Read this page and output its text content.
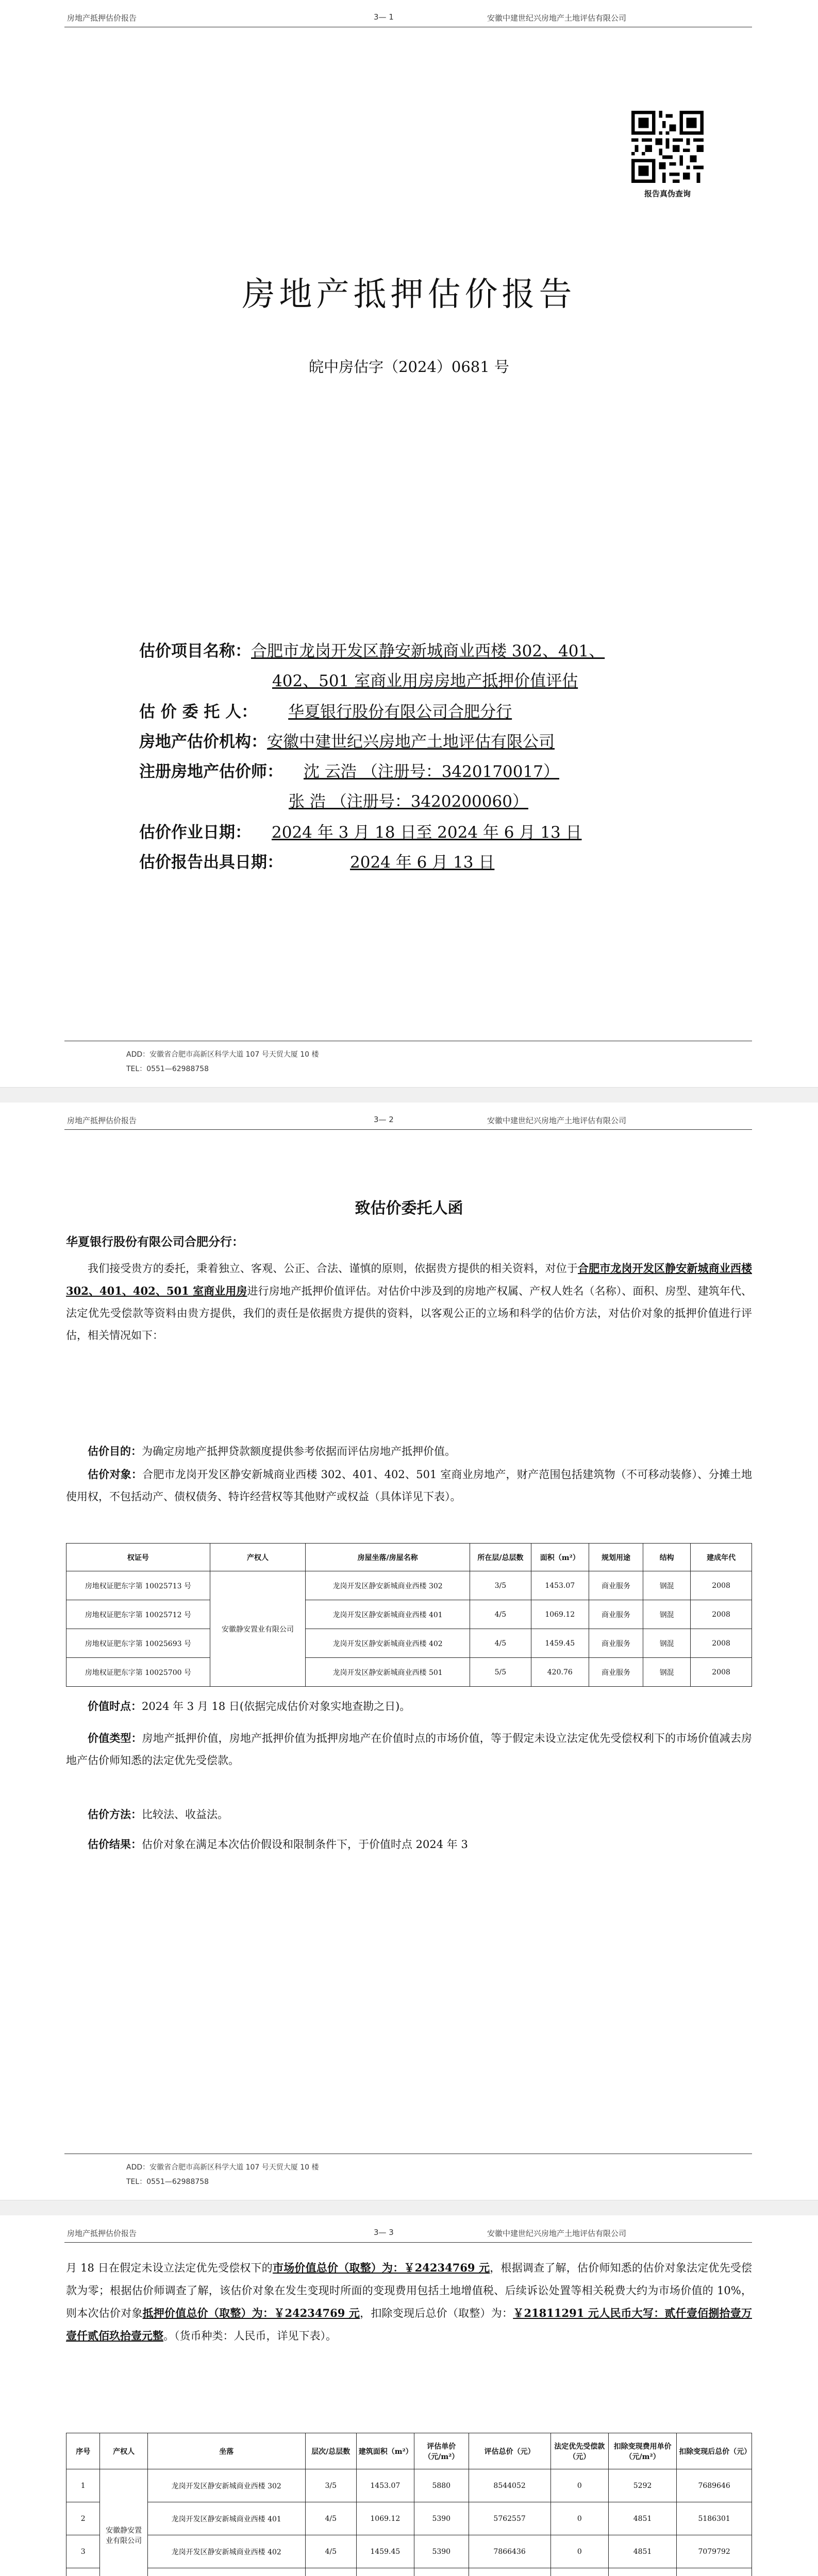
房地产抵押估价报告	3— 1	安徽中建世纪兴房地产土地评估有限公司
报告真伪查询
房地产抵押估价报告
皖中房估字（2024）0681 号
估价项目名称：合肥市龙岗开发区静安新城商业西楼 302、401、
402、501 室商业用房房地产抵押价值评估
估 价 委 托 人： 华夏银行股份有限公司合肥分行
房地产估价机构：安徽中建世纪兴房地产土地评估有限公司
注册房地产估价师： 沈 云浩 （注册号：3420170017）
张 浩 （注册号：3420200060）
估价作业日期： 2024 年 3 月 18 日至 2024 年 6 月 13 日
估价报告出具日期：	2024 年 6 月 13 日
ADD：安徽省合肥市高新区科学大道 107 号天贸大厦 10 楼
TEL：0551—62988758
房地产抵押估价报告	3— 2	安徽中建世纪兴房地产土地评估有限公司
致估价委托人函
华夏银行股份有限公司合肥分行：
我们接受贵方的委托，秉着独立、客观、公正、合法、谨慎的原则，依据贵方提供的相关资料，对位于合肥市龙岗开发区静安新城商业西楼 302、401、402、501 室商业用房进行房地产抵押价值评估。对估价中涉及到的房地产权属、产权人姓名（名称）、面积、房型、建筑年代、法定优先受偿款等资料由贵方提供，我们的责任是依据贵方提供的资料，以客观公正的立场和科学的估价方法，对估价对象的抵押价值进行评估，相关情况如下：
估价目的：为确定房地产抵押贷款额度提供参考依据而评估房地产抵押价值。
估价对象：合肥市龙岗开发区静安新城商业西楼 302、401、402、501 室商业房地产，财产范围包括建筑物（不可移动装修）、分摊土地使用权，不包括动产、债权债务、特许经营权等其他财产或权益（具体详见下表）。
权证号	产权人	房屋坐落/房屋名称	所在层/总层数	面积（m²）	规划用途	结构	建成年代
房地权证肥东字第 10025713 号	安徽静安置业有限公司	龙岗开发区静安新城商业西楼 302	3/5	1453.07	商业服务	钢混	2008
房地权证肥东字第 10025712 号		龙岗开发区静安新城商业西楼 401	4/5	1069.12	商业服务	钢混	2008
房地权证肥东字第 10025693 号		龙岗开发区静安新城商业西楼 402	4/5	1459.45	商业服务	钢混	2008
房地权证肥东字第 10025700 号		龙岗开发区静安新城商业西楼 501	5/5	420.76	商业服务	钢混	2008
价值时点：2024 年 3 月 18 日(依据完成估价对象实地查勘之日)。
价值类型：房地产抵押价值，房地产抵押价值为抵押房地产在价值时点的市场价值，等于假定未设立法定优先受偿权利下的市场价值减去房地产估价师知悉的法定优先受偿款。
估价方法：比较法、收益法。
估价结果：估价对象在满足本次估价假设和限制条件下，于价值时点 2024 年 3
ADD：安徽省合肥市高新区科学大道 107 号天贸大厦 10 楼
TEL：0551—62988758
房地产抵押估价报告	3— 3	安徽中建世纪兴房地产土地评估有限公司
月 18 日在假定未设立法定优先受偿权下的市场价值总价（取整）为：￥24234769 元，根据调查了解，估价师知悉的估价对象法定优先受偿款为零；根据估价师调查了解，该估价对象在发生变现时所面的变现费用包括土地增值税、后续诉讼处置等相关税费大约为市场价值的 10%，则本次估价对象抵押价值总价（取整）为：￥24234769 元，扣除变现后总价（取整）为：￥21811291 元人民币大写：贰仟壹佰捌拾壹万壹仟贰佰玖拾壹元整。（货币种类：人民币，详见下表）。
序号	产权人	坐落	层次/总层数	建筑面积（m²）	评估单价（元/m²）	评估总价（元）	法定优先受偿款（元）	扣除变现费用单价（元/m²）	扣除变现后总价（元）
1	安徽静安置业有限公司	龙岗开发区静安新城商业西楼 302	3/5	1453.07	5880	8544052	0	5292	7689646
2		龙岗开发区静安新城商业西楼 401	4/5	1069.12	5390	5762557	0	4851	5186301
3		龙岗开发区静安新城商业西楼 402	4/5	1459.45	5390	7866436	0	4851	7079792
